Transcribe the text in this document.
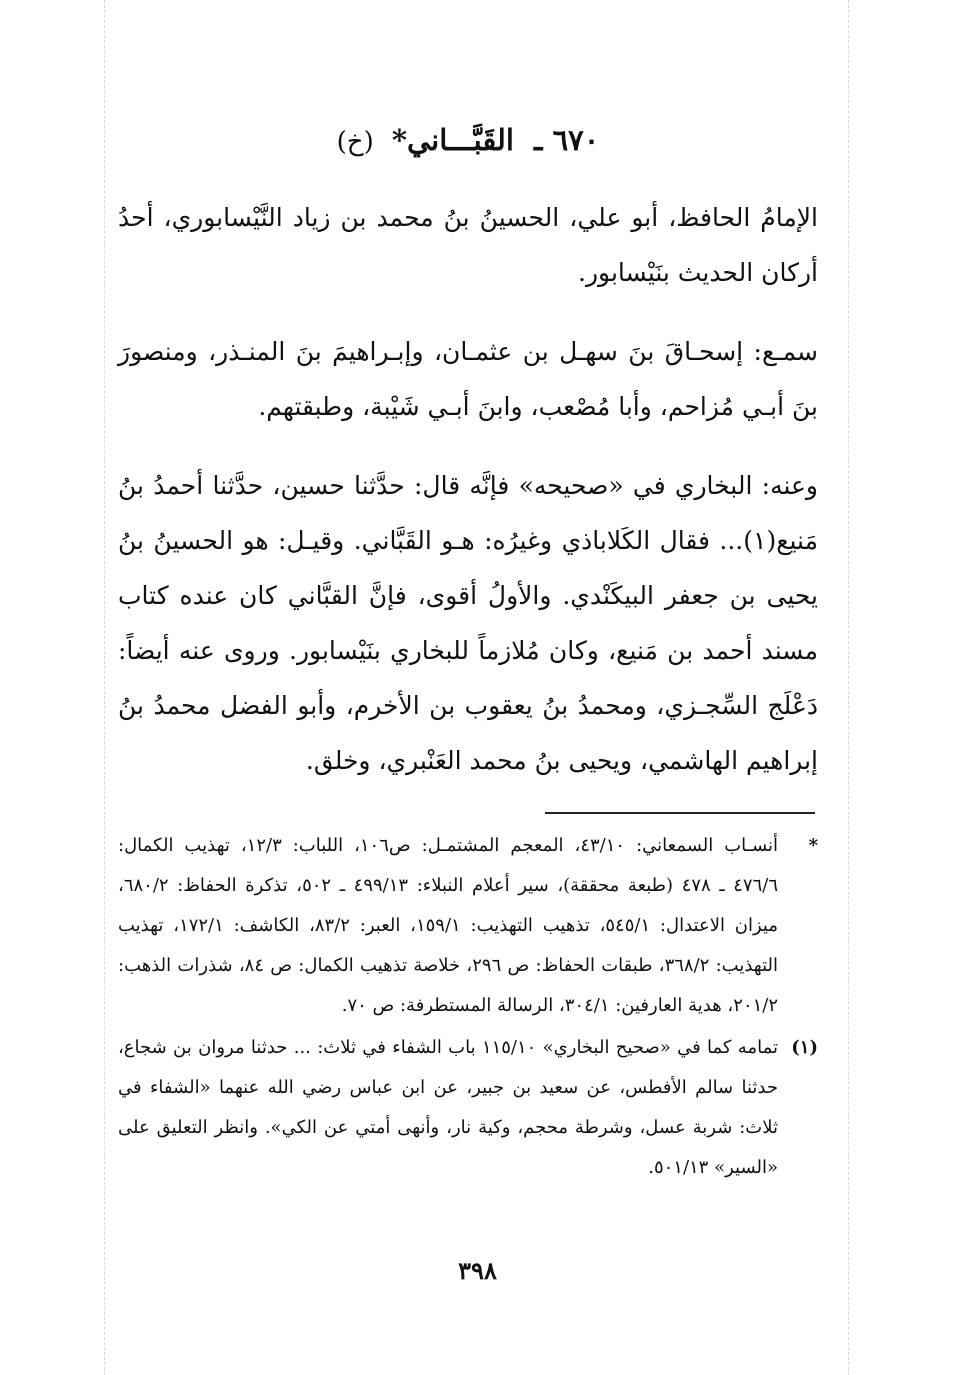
٦٧٠ ـ القَبَّـــاني* (خ)

الإمامُ الحافظ، أبو علي، الحسينُ بنُ محمد بن زياد النَّيْسابوري، أحدُ أركان الحديث بنَيْسابور.

سمـع: إسحـاقَ بنَ سهـل بن عثمـان، وإبـراهيمَ بنَ المنـذر، ومنصورَ بنَ أبـي مُزاحم، وأبا مُصْعب، وابنَ أبـي شَيْبة، وطبقتهم.

وعنه: البخاري في «صحيحه» فإنَّه قال: حدَّثنا حسين، حدَّثنا أحمدُ بنُ مَنيع(١)... فقال الكَلاباذي وغيرُه: هـو القَبَّاني. وقيـل: هو الحسينُ بنُ يحيى بن جعفر البيكَنْدي. والأولُ أقوى، فإنَّ القبَّاني كان عنده كتاب مسند أحمد بن مَنيع، وكان مُلازماً للبخاري بنَيْسابور. وروى عنه أيضاً: دَعْلَج السِّجـزي، ومحمدُ بنُ يعقوب بن الأخرم، وأبو الفضل محمدُ بنُ إبراهيم الهاشمي، ويحيى بنُ محمد العَنْبري، وخلق.

*
أنسـاب السمعاني: ٤٣/١٠، المعجم المشتمـل: ص١٠٦، اللباب: ١٢/٣، تهذيب الكمال: ٤٧٦/٦ ـ ٤٧٨ (طبعة محققة)، سير أعلام النبلاء: ٤٩٩/١٣ ـ ٥٠٢، تذكرة الحفاظ: ٦٨٠/٢، ميزان الاعتدال: ٥٤٥/١، تذهيب التهذيب: ١٥٩/١، العبر: ٨٣/٢، الكاشف: ١٧٢/١، تهذيب التهذيب: ٣٦٨/٢، طبقات الحفاظ: ص ٢٩٦، خلاصة تذهيب الكمال: ص ٨٤، شذرات الذهب: ٢٠١/٢، هدية العارفين: ٣٠٤/١، الرسالة المستطرفة: ص ٧٠.
(١)
تمامه كما في «صحيح البخاري» ١١٥/١٠ باب الشفاء في ثلاث: ... حدثنا مروان بن شجاع، حدثنا سالم الأفطس، عن سعيد بن جبير، عن ابن عباس رضي الله عنهما «الشفاء في ثلاث: شربة عسل، وشرطة محجم، وكية نار، وأنهى أمتي عن الكي». وانظر التعليق على «السير» ٥٠١/١٣.
٣٩٨
